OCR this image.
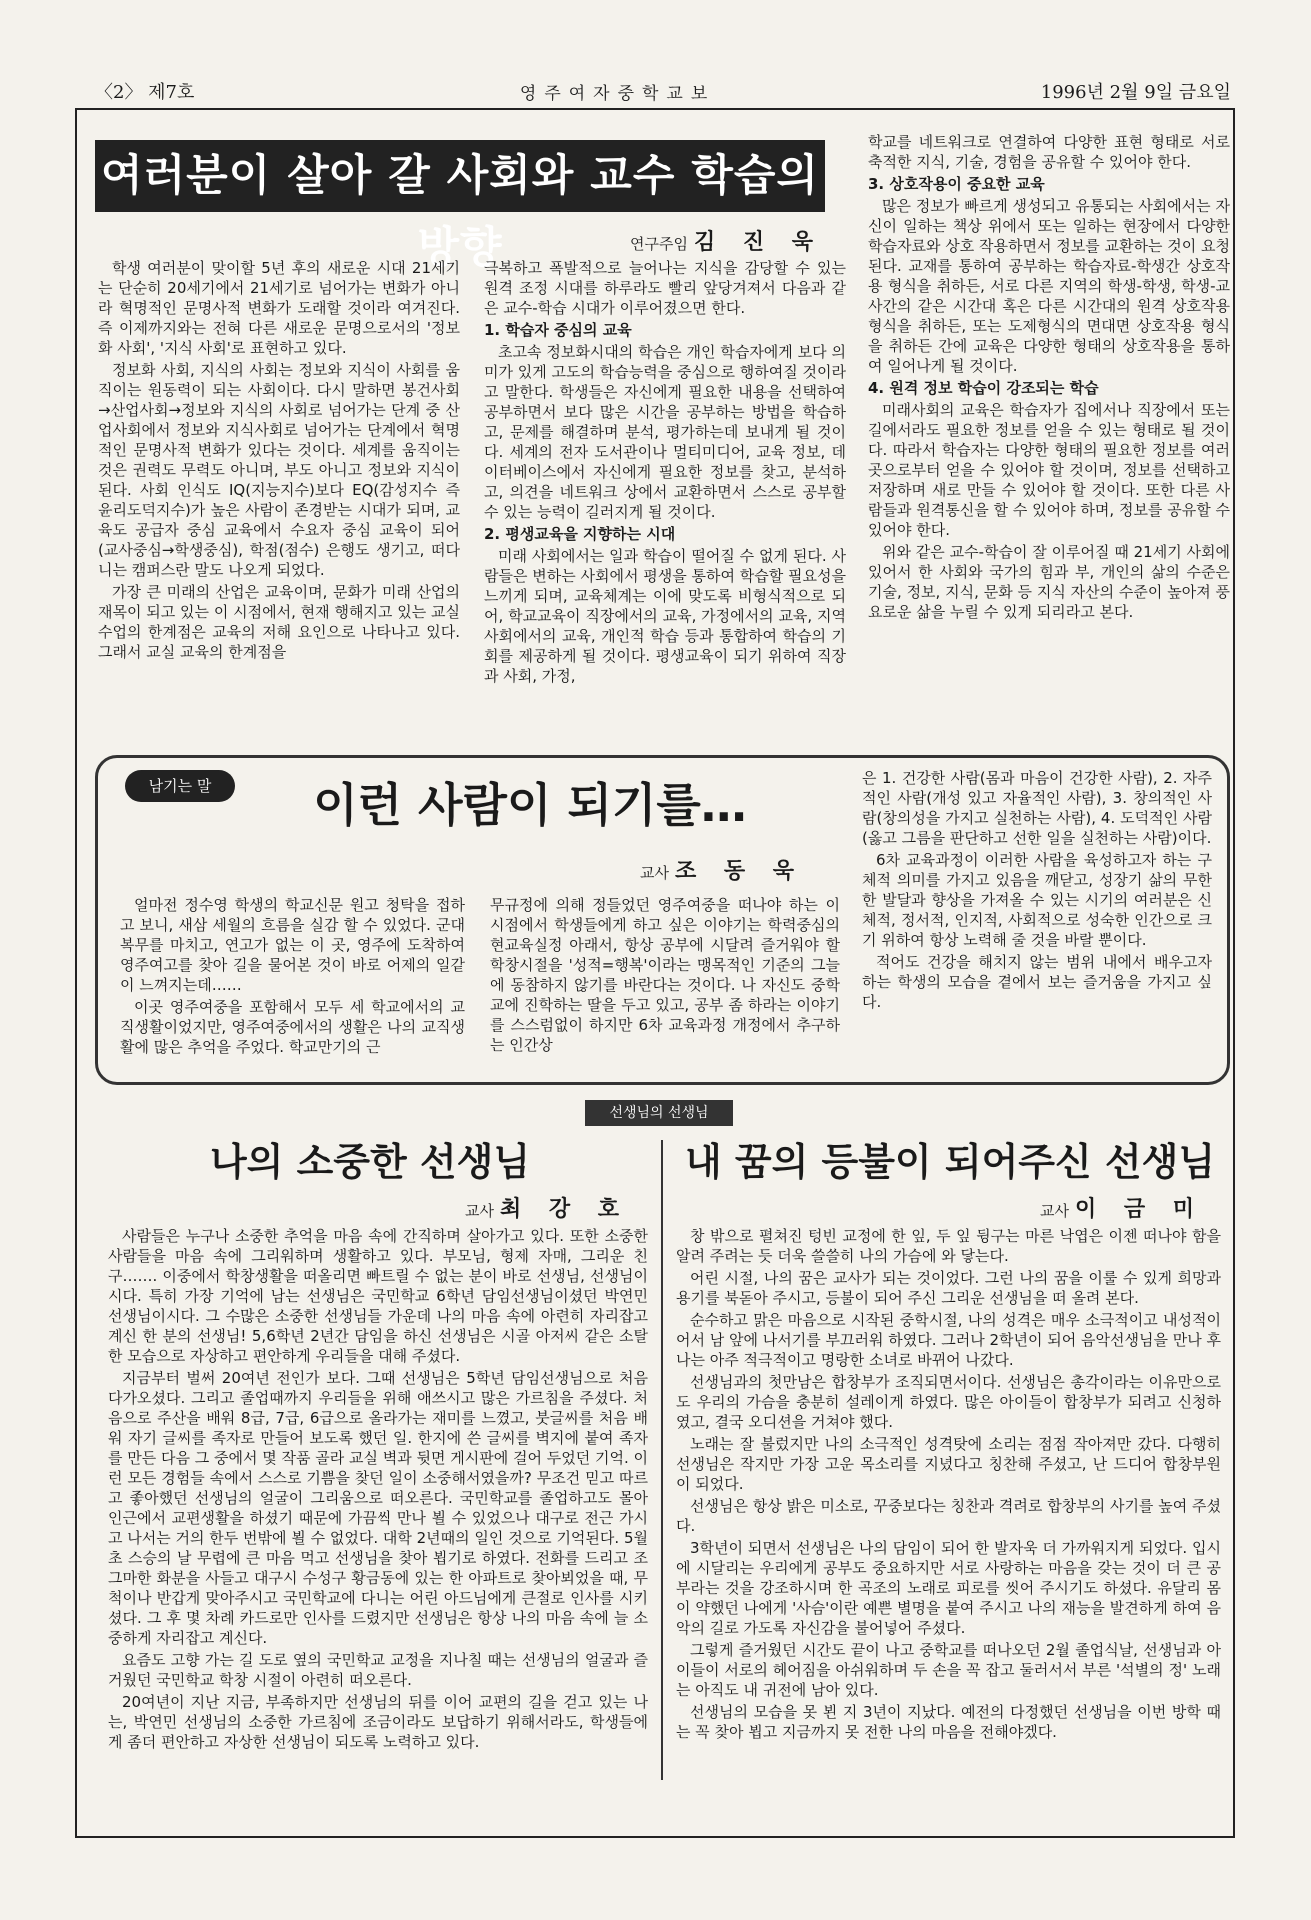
〈2〉 제7호	영주여자중학교보	1996년 2월 9일 금요일
여러분이 살아 갈 사회와 교수 학습의 방향	연구주임 김 진 욱

학생 여러분이 맞이할 5년 후의 새로운 시대 21세기는 단순히 20세기에서 21세기로 넘어가는 변화가 아니라 혁명적인 문명사적 변화가 도래할 것이라 여겨진다. 즉 이제까지와는 전혀 다른 새로운 문명으로서의 '정보화 사회', '지식 사회'로 표현하고 있다.

정보화 사회, 지식의 사회는 정보와 지식이 사회를 움직이는 원동력이 되는 사회이다. 다시 말하면 봉건사회→산업사회→정보와 지식의 사회로 넘어가는 단계 중 산업사회에서 정보와 지식사회로 넘어가는 단계에서 혁명적인 문명사적 변화가 있다는 것이다. 세계를 움직이는 것은 권력도 무력도 아니며, 부도 아니고 정보와 지식이 된다. 사회 인식도 IQ(지능지수)보다 EQ(감성지수 즉 윤리도덕지수)가 높은 사람이 존경받는 시대가 되며, 교육도 공급자 중심 교육에서 수요자 중심 교육이 되어 (교사중심→학생중심), 학점(점수) 은행도 생기고, 떠다니는 캠퍼스란 말도 나오게 되었다.

가장 큰 미래의 산업은 교육이며, 문화가 미래 산업의 재목이 되고 있는 이 시점에서, 현재 행해지고 있는 교실 수업의 한계점은 교육의 저해 요인으로 나타나고 있다. 그래서 교실 교육의 한계점을

극복하고 폭발적으로 늘어나는 지식을 감당할 수 있는 원격 조정 시대를 하루라도 빨리 앞당겨져서 다음과 같은 교수-학습 시대가 이루어졌으면 한다.

1. 학습자 중심의 교육

초고속 정보화시대의 학습은 개인 학습자에게 보다 의미가 있게 고도의 학습능력을 중심으로 행하여질 것이라고 말한다. 학생들은 자신에게 필요한 내용을 선택하여 공부하면서 보다 많은 시간을 공부하는 방법을 학습하고, 문제를 해결하며 분석, 평가하는데 보내게 될 것이다. 세계의 전자 도서관이나 멀티미디어, 교육 정보, 데이터베이스에서 자신에게 필요한 정보를 찾고, 분석하고, 의견을 네트워크 상에서 교환하면서 스스로 공부할 수 있는 능력이 길러지게 될 것이다.

2. 평생교육을 지향하는 시대

미래 사회에서는 일과 학습이 떨어질 수 없게 된다. 사람들은 변하는 사회에서 평생을 통하여 학습할 필요성을 느끼게 되며, 교육체계는 이에 맞도록 비형식적으로 되어, 학교교육이 직장에서의 교육, 가정에서의 교육, 지역사회에서의 교육, 개인적 학습 등과 통합하여 학습의 기회를 제공하게 될 것이다. 평생교육이 되기 위하여 직장과 사회, 가정,

학교를 네트워크로 연결하여 다양한 표현 형태로 서로 축적한 지식, 기술, 경험을 공유할 수 있어야 한다.

3. 상호작용이 중요한 교육

많은 정보가 빠르게 생성되고 유통되는 사회에서는 자신이 일하는 책상 위에서 또는 일하는 현장에서 다양한 학습자료와 상호 작용하면서 정보를 교환하는 것이 요청된다. 교재를 통하여 공부하는 학습자료-학생간 상호작용 형식을 취하든, 서로 다른 지역의 학생-학생, 학생-교사간의 같은 시간대 혹은 다른 시간대의 원격 상호작용 형식을 취하든, 또는 도제형식의 면대면 상호작용 형식을 취하든 간에 교육은 다양한 형태의 상호작용을 통하여 일어나게 될 것이다.

4. 원격 정보 학습이 강조되는 학습

미래사회의 교육은 학습자가 집에서나 직장에서 또는 길에서라도 필요한 정보를 얻을 수 있는 형태로 될 것이다. 따라서 학습자는 다양한 형태의 필요한 정보를 여러 곳으로부터 얻을 수 있어야 할 것이며, 정보를 선택하고 저장하며 새로 만들 수 있어야 할 것이다. 또한 다른 사람들과 원격통신을 할 수 있어야 하며, 정보를 공유할 수 있어야 한다.

위와 같은 교수-학습이 잘 이루어질 때 21세기 사회에 있어서 한 사회와 국가의 힘과 부, 개인의 삶의 수준은 기술, 정보, 지식, 문화 등 지식 자산의 수준이 높아져 풍요로운 삶을 누릴 수 있게 되리라고 본다.

남기는 말	이런 사람이 되기를…
교사 조 동 욱

얼마전 정수영 학생의 학교신문 원고 청탁을 접하고 보니, 새삼 세월의 흐름을 실감 할 수 있었다. 군대 복무를 마치고, 연고가 없는 이 곳, 영주에 도착하여 영주여고를 찾아 길을 물어본 것이 바로 어제의 일같이 느껴지는데……

이곳 영주여중을 포함해서 모두 세 학교에서의 교직생활이었지만, 영주여중에서의 생활은 나의 교직생활에 많은 추억을 주었다. 학교만기의 근

무규정에 의해 정들었던 영주여중을 떠나야 하는 이 시점에서 학생들에게 하고 싶은 이야기는 학력중심의 현교육실정 아래서, 항상 공부에 시달려 즐거워야 할 학창시절을 '성적=행복'이라는 맹목적인 기준의 그늘에 동참하지 않기를 바란다는 것이다. 나 자신도 중학교에 진학하는 딸을 두고 있고, 공부 좀 하라는 이야기를 스스럼없이 하지만 6차 교육과정 개정에서 추구하는 인간상

은 1. 건강한 사람(몸과 마음이 건강한 사람), 2. 자주적인 사람(개성 있고 자율적인 사람), 3. 창의적인 사람(창의성을 가지고 실천하는 사람), 4. 도덕적인 사람(옳고 그름을 판단하고 선한 일을 실천하는 사람)이다.

6차 교육과정이 이러한 사람을 육성하고자 하는 구체적 의미를 가지고 있음을 깨닫고, 성장기 삶의 무한한 발달과 향상을 가져올 수 있는 시기의 여러분은 신체적, 정서적, 인지적, 사회적으로 성숙한 인간으로 크기 위하여 항상 노력해 줄 것을 바랄 뿐이다.

적어도 건강을 해치지 않는 범위 내에서 배우고자 하는 학생의 모습을 곁에서 보는 즐거움을 가지고 싶다.

선생님의 선생님
나의 소중한 선생님
교사 최 강 호

사람들은 누구나 소중한 추억을 마음 속에 간직하며 살아가고 있다. 또한 소중한 사람들을 마음 속에 그리워하며 생활하고 있다. 부모님, 형제 자매, 그리운 친구……. 이중에서 학창생활을 떠올리면 빠트릴 수 없는 분이 바로 선생님, 선생님이시다. 특히 가장 기억에 남는 선생님은 국민학교 6학년 담임선생님이셨던 박연민 선생님이시다. 그 수많은 소중한 선생님들 가운데 나의 마음 속에 아련히 자리잡고 계신 한 분의 선생님! 5,6학년 2년간 담임을 하신 선생님은 시골 아저씨 같은 소탈한 모습으로 자상하고 편안하게 우리들을 대해 주셨다.

지금부터 벌써 20여년 전인가 보다. 그때 선생님은 5학년 담임선생님으로 처음 다가오셨다. 그리고 졸업때까지 우리들을 위해 애쓰시고 많은 가르침을 주셨다. 처음으로 주산을 배워 8급, 7급, 6급으로 올라가는 재미를 느꼈고, 붓글씨를 처음 배워 자기 글씨를 족자로 만들어 보도록 했던 일. 한지에 쓴 글씨를 벽지에 붙여 족자를 만든 다음 그 중에서 몇 작품 골라 교실 벽과 뒷면 게시판에 걸어 두었던 기억. 이런 모든 경험들 속에서 스스로 기쁨을 찾던 일이 소중해서였을까? 무조건 믿고 따르고 좋아했던 선생님의 얼굴이 그리움으로 떠오른다. 국민학교를 졸업하고도 몰아 인근에서 교편생활을 하셨기 때문에 가끔씩 만나 뵐 수 있었으나 대구로 전근 가시고 나서는 거의 한두 번밖에 뵐 수 없었다. 대학 2년때의 일인 것으로 기억된다. 5월초 스승의 날 무렵에 큰 마음 먹고 선생님을 찾아 뵙기로 하였다. 전화를 드리고 조그마한 화분을 사들고 대구시 수성구 황금동에 있는 한 아파트로 찾아뵈었을 때, 무척이나 반갑게 맞아주시고 국민학교에 다니는 어린 아드님에게 큰절로 인사를 시키셨다. 그 후 몇 차례 카드로만 인사를 드렸지만 선생님은 항상 나의 마음 속에 늘 소중하게 자리잡고 계신다.

요즘도 고향 가는 길 도로 옆의 국민학교 교정을 지나칠 때는 선생님의 얼굴과 즐거웠던 국민학교 학창 시절이 아련히 떠오른다.

20여년이 지난 지금, 부족하지만 선생님의 뒤를 이어 교편의 길을 걷고 있는 나는, 박연민 선생님의 소중한 가르침에 조금이라도 보답하기 위해서라도, 학생들에게 좀더 편안하고 자상한 선생님이 되도록 노력하고 있다.

내 꿈의 등불이 되어주신 선생님
교사 이 금 미

창 밖으로 펼쳐진 텅빈 교정에 한 잎, 두 잎 뒹구는 마른 낙엽은 이젠 떠나야 함을 알려 주려는 듯 더욱 쓸쓸히 나의 가슴에 와 닿는다.

어린 시절, 나의 꿈은 교사가 되는 것이었다. 그런 나의 꿈을 이룰 수 있게 희망과 용기를 북돋아 주시고, 등불이 되어 주신 그리운 선생님을 떠 올려 본다.

순수하고 맑은 마음으로 시작된 중학시절, 나의 성격은 매우 소극적이고 내성적이어서 남 앞에 나서기를 부끄러워 하였다. 그러나 2학년이 되어 음악선생님을 만나 후 나는 아주 적극적이고 명랑한 소녀로 바뀌어 나갔다.

선생님과의 첫만남은 합창부가 조직되면서이다. 선생님은 총각이라는 이유만으로도 우리의 가슴을 충분히 설레이게 하였다. 많은 아이들이 합창부가 되려고 신청하였고, 결국 오디션을 거쳐야 했다.

노래는 잘 불렀지만 나의 소극적인 성격탓에 소리는 점점 작아져만 갔다. 다행히 선생님은 작지만 가장 고운 목소리를 지녔다고 칭찬해 주셨고, 난 드디어 합창부원이 되었다.

선생님은 항상 밝은 미소로, 꾸중보다는 칭찬과 격려로 합창부의 사기를 높여 주셨다.

3학년이 되면서 선생님은 나의 담임이 되어 한 발자욱 더 가까워지게 되었다. 입시에 시달리는 우리에게 공부도 중요하지만 서로 사랑하는 마음을 갖는 것이 더 큰 공부라는 것을 강조하시며 한 곡조의 노래로 피로를 씻어 주시기도 하셨다. 유달리 몸이 약했던 나에게 '사슴'이란 예쁜 별명을 붙여 주시고 나의 재능을 발견하게 하여 음악의 길로 가도록 자신감을 불어넣어 주셨다.

그렇게 즐거웠던 시간도 끝이 나고 중학교를 떠나오던 2월 졸업식날, 선생님과 아이들이 서로의 헤어짐을 아쉬워하며 두 손을 꼭 잡고 둘러서서 부른 '석별의 정' 노래는 아직도 내 귀전에 남아 있다.

선생님의 모습을 못 뵌 지 3년이 지났다. 예전의 다정했던 선생님을 이번 방학 때는 꼭 찾아 뵙고 지금까지 못 전한 나의 마음을 전해야겠다.
